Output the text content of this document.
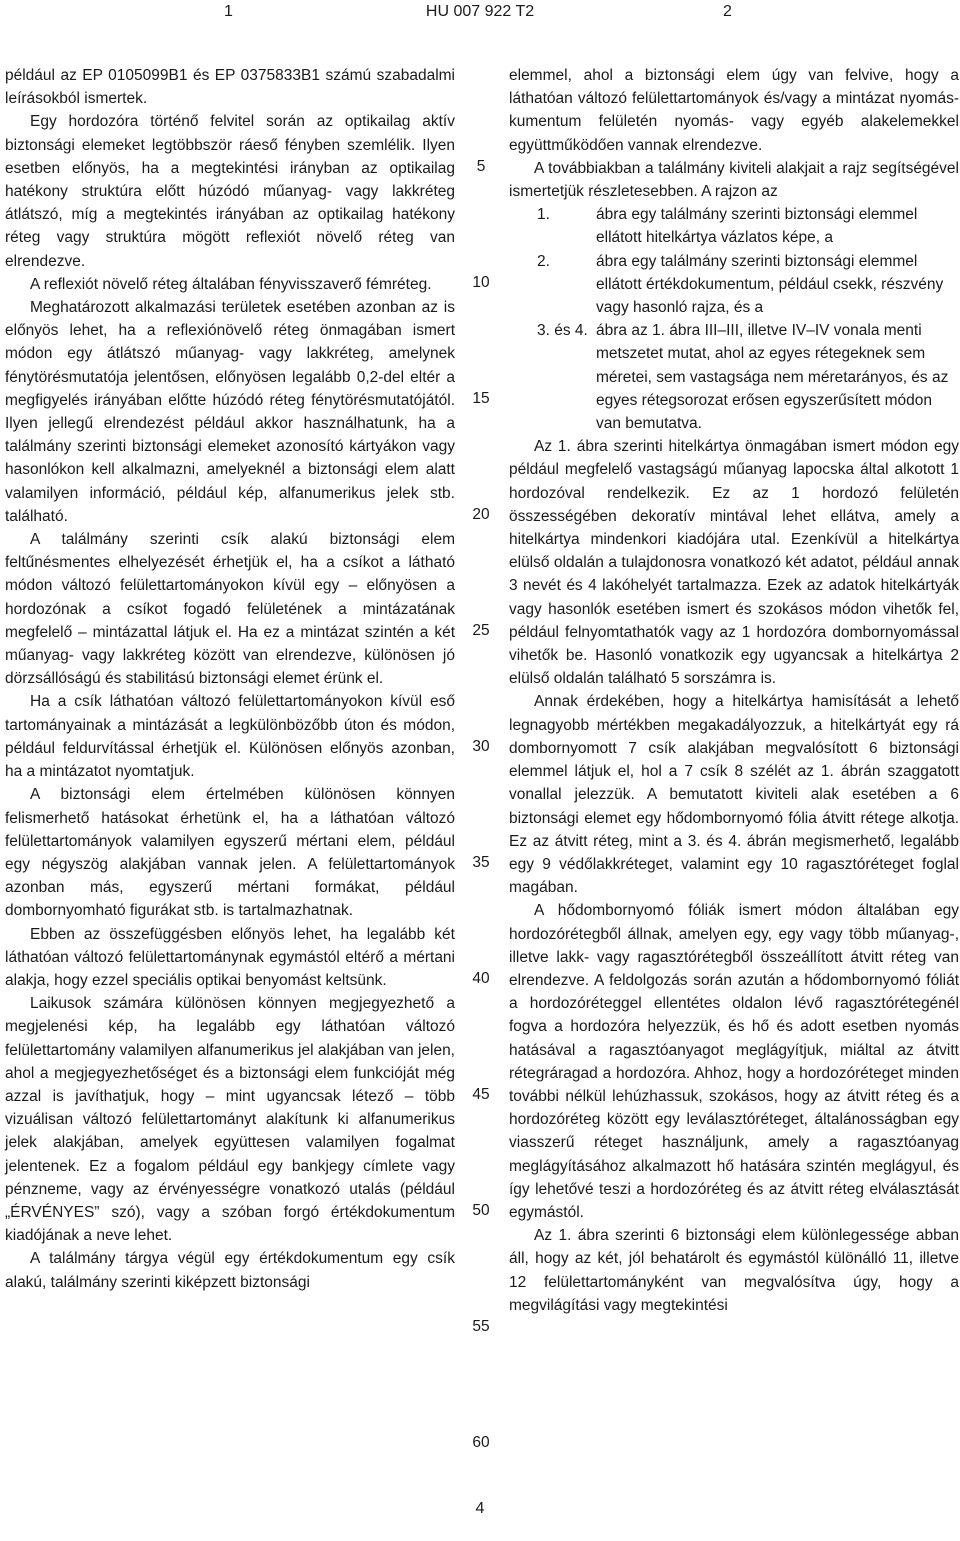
1	HU 007 922 T2	2

például az EP 0105099B1 és EP 0375833B1 számú szabadalmi leírásokból ismertek.

Egy hordozóra történő felvitel során az optikailag aktív biztonsági elemeket legtöbbször ráeső fényben szemlélik. Ilyen esetben előnyös, ha a megtekintési irányban az optikailag hatékony struktúra előtt húzódó műanyag- vagy lakkréteg átlátszó, míg a megtekintés irányában az optikailag hatékony réteg vagy struktúra mögött reflexiót növelő réteg van elrendezve.

A reflexiót növelő réteg általában fényvisszaverő fémréteg.

Meghatározott alkalmazási területek esetében azonban az is előnyös lehet, ha a reflexiónövelő réteg önmagában ismert módon egy átlátszó műanyag- vagy lakkréteg, amelynek fénytörésmutatója jelentősen, előnyösen legalább 0,2-del eltér a megfigyelés irányában előtte húzódó réteg fénytörésmutatójától. Ilyen jellegű elrendezést például akkor használhatunk, ha a találmány szerinti biztonsági elemeket azonosító kártyákon vagy hasonlókon kell alkalmazni, amelyeknél a biztonsági elem alatt valamilyen információ, például kép, alfanumerikus jelek stb. található.

A találmány szerinti csík alakú biztonsági elem feltűnésmentes elhelyezését érhetjük el, ha a csíkot a látható módon változó felülettartományokon kívül egy – előnyösen a hordozónak a csíkot fogadó felületének a mintázatának megfelelő – mintázattal látjuk el. Ha ez a mintázat szintén a két műanyag- vagy lakkréteg között van elrendezve, különösen jó dörzsállóságú és stabilitású biztonsági elemet érünk el.

Ha a csík láthatóan változó felülettartományokon kívül eső tartományainak a mintázását a legkülönbözőbb úton és módon, például feldurvítással érhetjük el. Különösen előnyös azonban, ha a mintázatot nyomtatjuk.

A biztonsági elem értelmében különösen könnyen felismerhető hatásokat érhetünk el, ha a láthatóan változó felülettartományok valamilyen egyszerű mértani elem, például egy négyszög alakjában vannak jelen. A felülettartományok azonban más, egyszerű mértani formákat, például dombornyomható figurákat stb. is tartalmazhatnak.

Ebben az összefüggésben előnyös lehet, ha legalább két láthatóan változó felülettartománynak egymástól eltérő a mértani alakja, hogy ezzel speciális optikai benyomást keltsünk.

Laikusok számára különösen könnyen megjegyezhető a megjelenési kép, ha legalább egy láthatóan változó felülettartomány valamilyen alfanumerikus jel alakjában van jelen, ahol a megjegyezhetőséget és a biztonsági elem funkcióját még azzal is javíthatjuk, hogy – mint ugyancsak létező – több vizuálisan változó felülettartományt alakítunk ki alfanumerikus jelek alakjában, amelyek együttesen valamilyen fogalmat jelentenek. Ez a fogalom például egy bankjegy címlete vagy pénzneme, vagy az érvényességre vonatkozó utalás (például „ÉRVÉNYES” szó), vagy a szóban forgó értékdokumentum kiadójának a neve lehet.

A találmány tárgya végül egy értékdokumentum egy csík alakú, találmány szerinti kiképzett biztonsági

5
10
15
20
25
30
35
40
45
50
55
60

elemmel, ahol a biztonsági elem úgy van felvive, hogy a láthatóan változó felülettartományok és/vagy a mintázat nyomás-kumentum felületén nyomás- vagy egyéb alakelemekkel együttműködően vannak elrendezve.

A továbbiakban a találmány kiviteli alakjait a rajz segítségével ismertetjük részletesebben. A rajzon az

1.	ábra egy találmány szerinti biztonsági elemmel ellátott hitelkártya vázlatos képe, a
2.	ábra egy találmány szerinti biztonsági elemmel ellátott értékdokumentum, például csekk, részvény vagy hasonló rajza, és a
3. és 4. ábra az 1. ábra III–III, illetve IV–IV vonala menti metszetet mutat, ahol az egyes rétegeknek sem méretei, sem vastagsága nem méretarányos, és az egyes rétegsorozat erősen egyszerűsített módon van bemutatva.

Az 1. ábra szerinti hitelkártya önmagában ismert módon egy például megfelelő vastagságú műanyag lapocska által alkotott 1 hordozóval rendelkezik. Ez az 1 hordozó felületén összességében dekoratív mintával lehet ellátva, amely a hitelkártya mindenkori kiadójára utal. Ezenkívül a hitelkártya elülső oldalán a tulajdonosra vonatkozó két adatot, például annak 3 nevét és 4 lakóhelyét tartalmazza. Ezek az adatok hitelkártyák vagy hasonlók esetében ismert és szokásos módon vihetők fel, például felnyomtathatók vagy az 1 hordozóra dombornyomással vihetők be. Hasonló vonatkozik egy ugyancsak a hitelkártya 2 elülső oldalán található 5 sorszámra is.

Annak érdekében, hogy a hitelkártya hamisítását a lehető legnagyobb mértékben megakadályozzuk, a hitelkártyát egy rá dombornyomott 7 csík alakjában megvalósított 6 biztonsági elemmel látjuk el, hol a 7 csík 8 szélét az 1. ábrán szaggatott vonallal jelezzük. A bemutatott kiviteli alak esetében a 6 biztonsági elemet egy hődombornyomó fólia átvitt rétege alkotja. Ez az átvitt réteg, mint a 3. és 4. ábrán megismerhető, legalább egy 9 védőlakkréteget, valamint egy 10 ragasztóréteget foglal magában.

A hődombornyomó fóliák ismert módon általában egy hordozórétegből állnak, amelyen egy, egy vagy több műanyag-, illetve lakk- vagy ragasztórétegből összeállított átvitt réteg van elrendezve. A feldolgozás során azután a hődombornyomó fóliát a hordozóréteggel ellentétes oldalon lévő ragasztórétegénél fogva a hordozóra helyezzük, és hő és adott esetben nyomás hatásával a ragasztóanyagot meglágyítjuk, miáltal az átvitt rétegráragad a hordozóra. Ahhoz, hogy a hordozóréteget minden további nélkül lehúzhassuk, szokásos, hogy az átvitt réteg és a hordozóréteg között egy leválasztóréteget, általánosságban egy viasszerű réteget használjunk, amely a ragasztóanyag meglágyításához alkalmazott hő hatására szintén meglágyul, és így lehetővé teszi a hordozóréteg és az átvitt réteg elválasztását egymástól.

Az 1. ábra szerinti 6 biztonsági elem különlegessége abban áll, hogy az két, jól behatárolt és egymástól különálló 11, illetve 12 felülettartományként van megvalósítva úgy, hogy a megvilágítási vagy megtekintési

4
